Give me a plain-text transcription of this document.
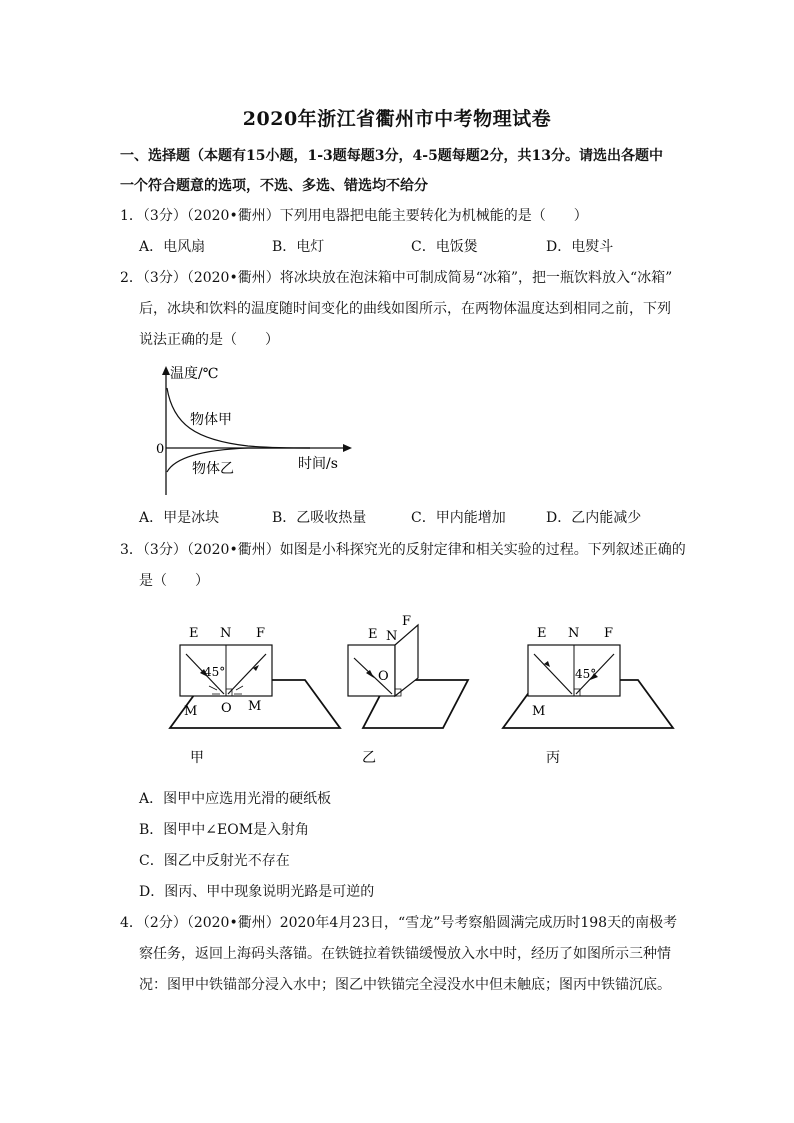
2020年浙江省衢州市中考物理试卷
一、选择题（本题有15小题，1-3题每题3分，4-5题每题2分，共13分。请选出各题中
一个符合题意的选项，不选、多选、错选均不给分
1．（3分）（2020•衢州）下列用电器把电能主要转化为机械能的是（　　）
A．电风扇	B．电灯	C．电饭煲	D．电熨斗
2．（3分）（2020•衢州）将冰块放在泡沫箱中可制成简易“冰箱”，把一瓶饮料放入“冰箱”
后，冰块和饮料的温度随时间变化的曲线如图所示，在两物体温度达到相同之前，下列
说法正确的是（　　）
温度/℃
0
物体甲
物体乙	时间/s
A．甲是冰块	B．乙吸收热量	C．甲内能增加	D．乙内能减少
3．（3分）（2020•衢州）如图是小科探究光的反射定律和相关实验的过程。下列叙述正确的
是（　　）
E N F
45°
O
M	M
甲
E N
F
O
乙
E N F
45°
M
丙
A．图甲中应选用光滑的硬纸板
B．图甲中∠EOM是入射角
C．图乙中反射光不存在
D．图丙、甲中现象说明光路是可逆的
4．（2分）（2020•衢州）2020年4月23日，“雪龙”号考察船圆满完成历时198天的南极考
察任务，返回上海码头落锚。在铁链拉着铁锚缓慢放入水中时，经历了如图所示三种情
况：图甲中铁锚部分浸入水中；图乙中铁锚完全浸没水中但未触底；图丙中铁锚沉底。
